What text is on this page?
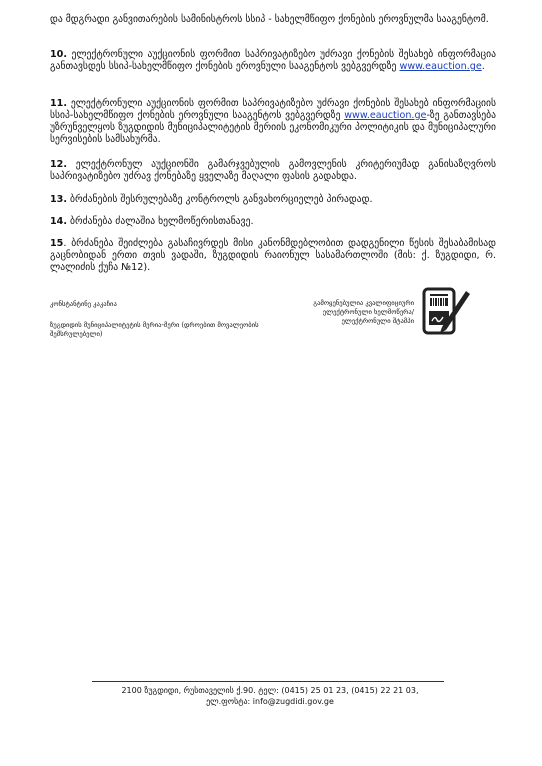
და მდგრადი განვითარების სამინისტროს სსიპ - სახელმწიფო ქონების ეროვნულმა სააგენტომ.

10. ელექტრონული აუქციონის ფორმით საპრივატიზებო უძრავი ქონების შესახებ ინფორმაცია განთავსდეს სსიპ-სახელმწიფო ქონების ეროვნული სააგენტოს ვებგვერდზე www.eauction.ge.

11. ელექტრონული აუქციონის ფორმით საპრივატიზებო უძრავი ქონების შესახებ ინფორმაციის სსიპ-სახელმწიფო ქონების ეროვნული სააგენტოს ვებგვერდზე www.eauction.ge-ზე განთავსება უზრუნველყოს ზუგდიდის მუნიციპალიტეტის მერიის ეკონომიკური პოლიტიკის და მუნიციპალური სერვისების სამსახურმა.

12. ელექტრონულ აუქციონში გამარჯვებულის გამოვლენის კრიტერიუმად განისაზღვროს საპრივატიზებო უძრავ ქონებაზე ყველაზე მაღალი ფასის გადახდა.

13. ბრძანების შესრულებაზე კონტროლს განვახორციელებ პირადად.

14. ბრძანება ძალაშია ხელმოწერისთანავე.

15. ბრძანება შეიძლება გასაჩივრდეს მისი კანონმდებლობით დადგენილი წესის შესაბამისად გაცნობიდან ერთი თვის ვადაში, ზუგდიდის რაიონულ სასამართლოში (მის: ქ. ზუგდიდი, რ. ლალიძის ქუჩა №12).

კონსტანტინე კაკაჩია
ზუგდიდის მუნიციპალიტეტის მერია-მერი (დროებით მოვალეობის შემსრულებელი)
გამოყენებულია კვალიფიციური ელექტრონული ხელმოწერა/ ელექტრონული შტამპი
2100 ზუგდიდი, რუსთაველის ქ.90. ტელ: (0415) 25 01 23, (0415) 22 21 03,
ელ.ფოსტა: info@zugdidi.gov.ge
